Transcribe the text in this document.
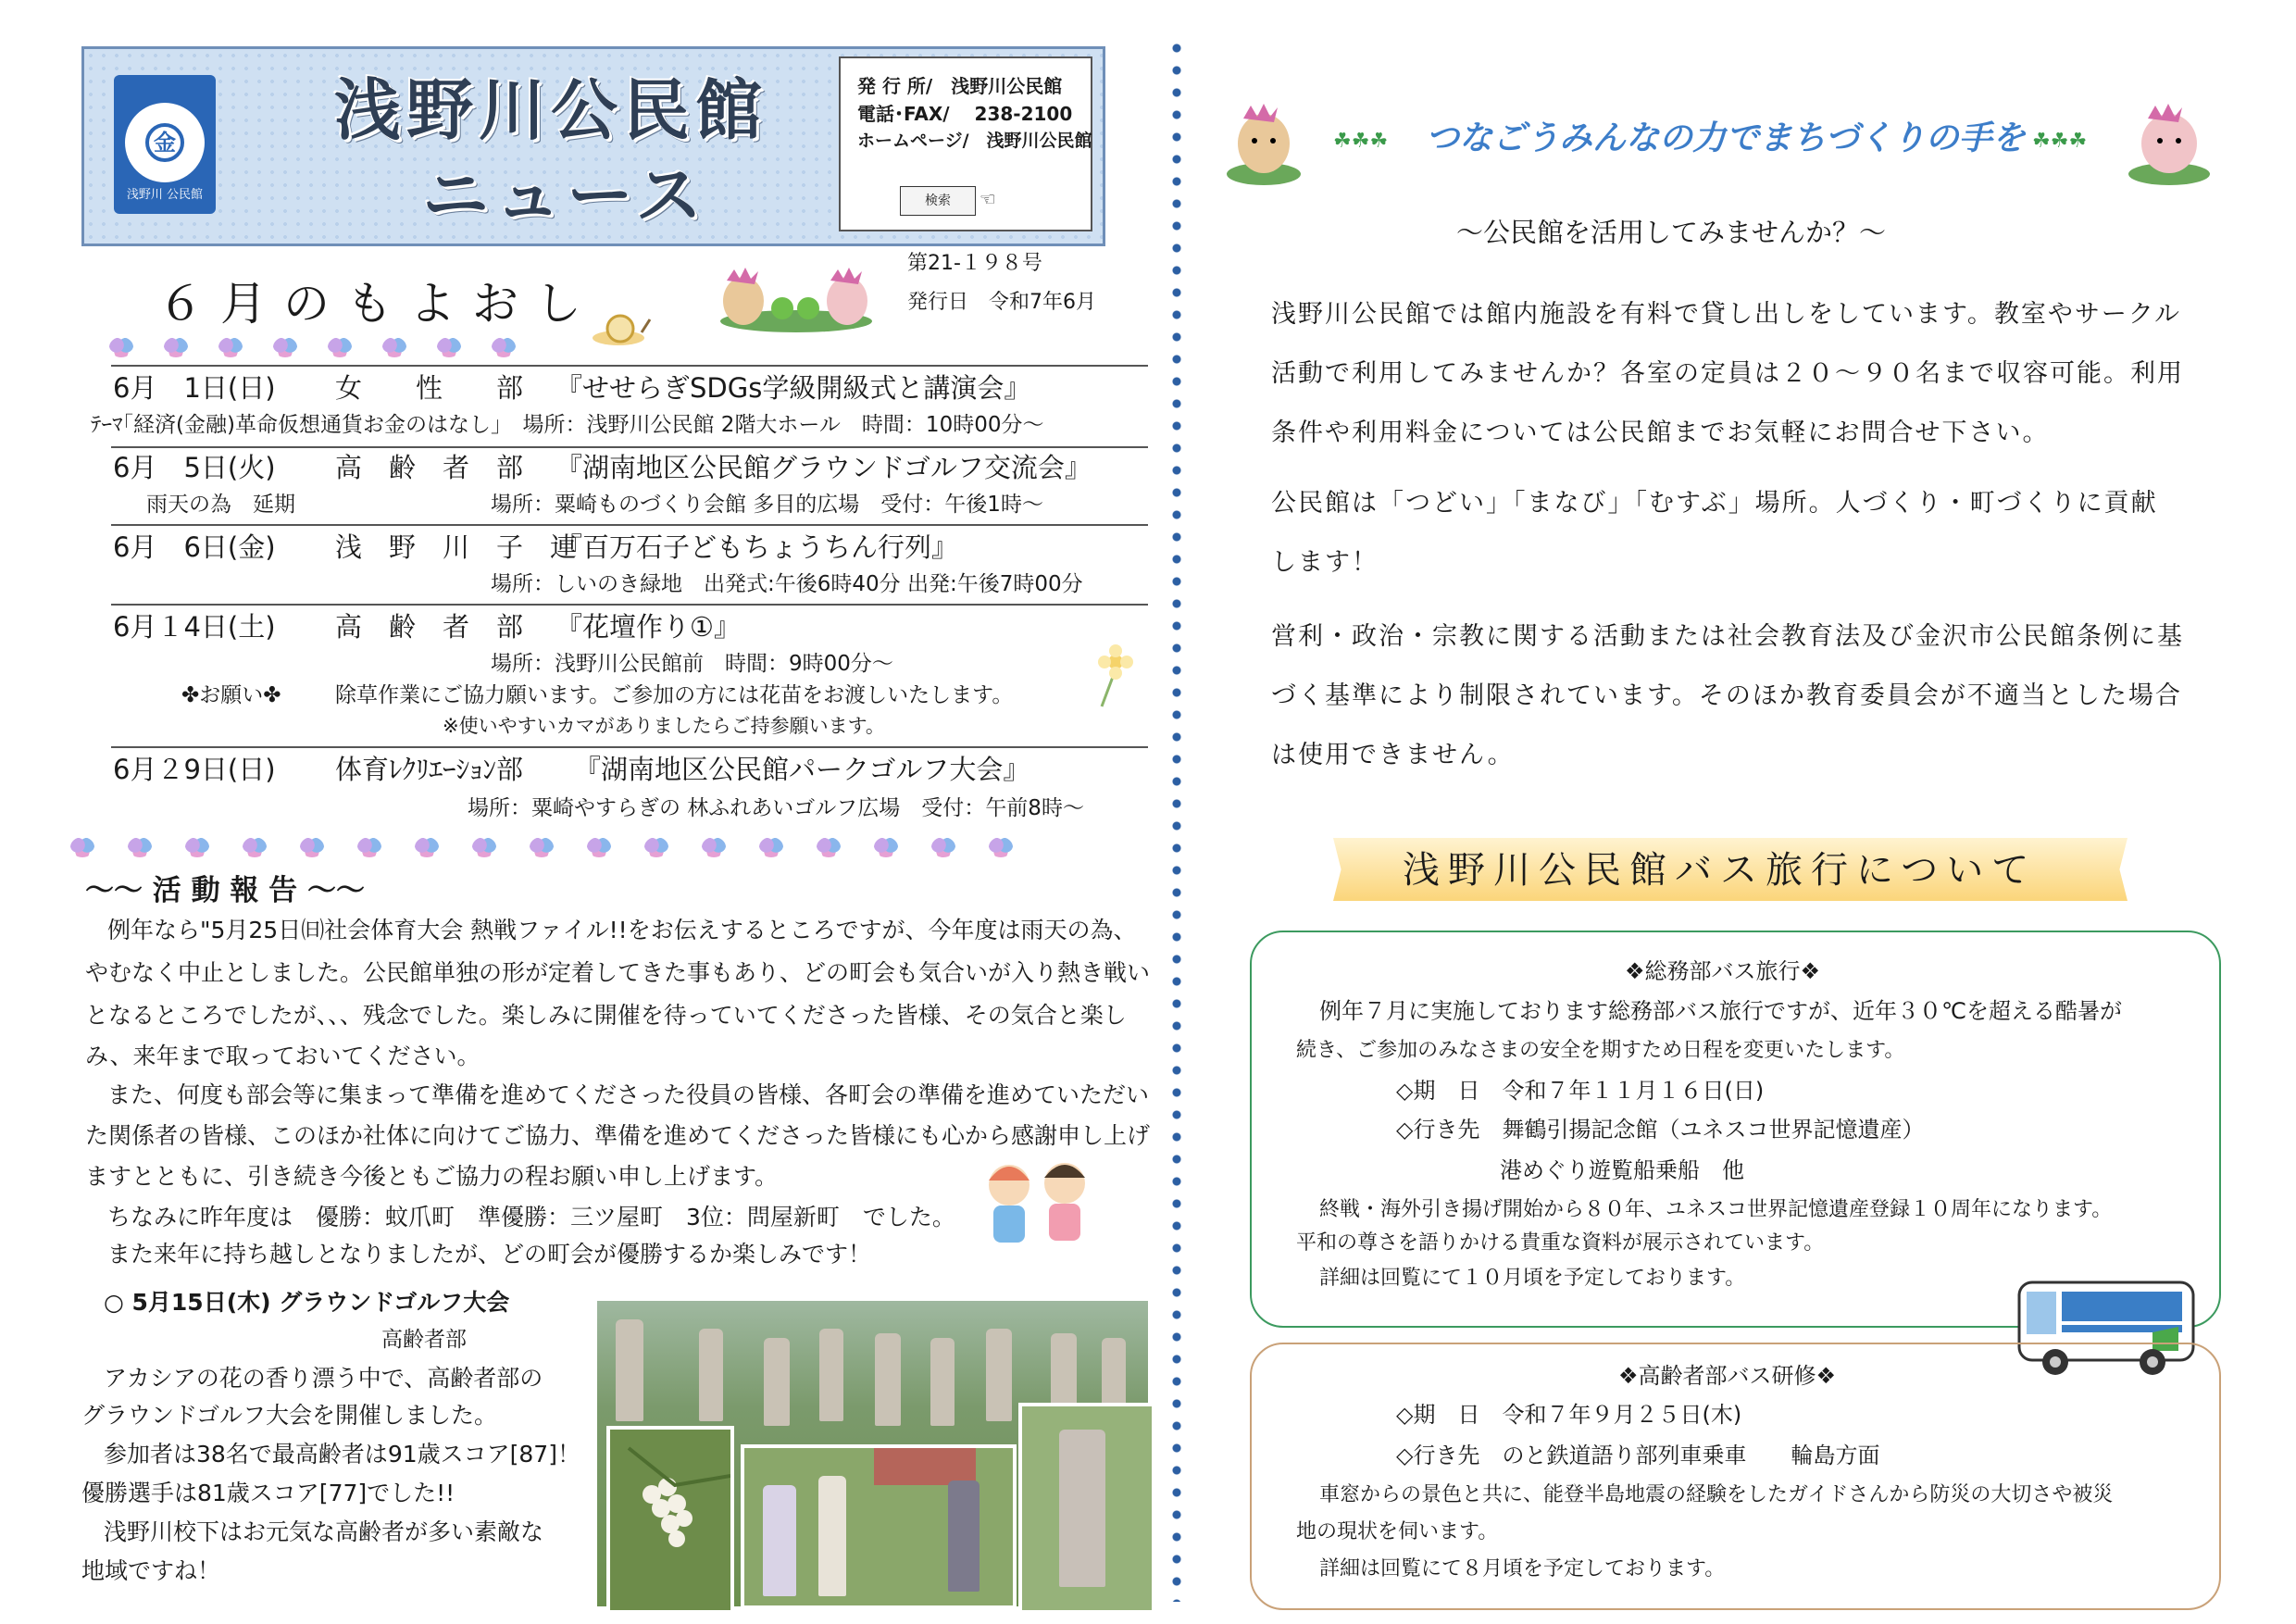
金
浅野川 公民館
浅野川公民館
ニュース
発 行 所/　浅野川公民館
電話･FAX/　 238-2100
ホームページ/　浅野川公民館
検索	☜
第21-１９８号
発行日　令和7年6月
６月のもよおし
6月　1日(日) 女　　性　　部 『せせらぎSDGs学級開級式と講演会』
ﾃｰﾏ｢経済(金融)革命仮想通貨お金のはなし｣　場所：浅野川公民館 2階大ホール　時間：10時00分～
6月　5日(火) 高　齢　者　部 『湖南地区公民館グラウンドゴルフ交流会』
雨天の為　延期	場所：粟崎ものづくり会館 多目的広場　受付：午後1時～
6月　6日(金) 浅　野　川　子　連
『百万石子どもちょうちん行列』
場所：しいのき緑地　出発式:午後6時40分 出発:午後7時00分
6月１4日(土) 高　齢　者　部 『花壇作り①』
場所：浅野川公民館前　時間：9時00分～
✤お願い✤	除草作業にご協力願います。ご参加の方には花苗をお渡しいたします。
※使いやすいカマがありましたらご持参願います。
6月２9日(日) 体育ﾚｸﾘｴｰｼｮﾝ部 『湖南地区公民館パークゴルフ大会』
場所：粟崎やすらぎの 林ふれあいゴルフ広場　受付：午前8時～
～～ 活 動 報 告 ～～
例年なら"5月25日㈰社会体育大会 熱戦ファイル!!をお伝えするところですが、今年度は雨天の為、
やむなく中止としました。公民館単独の形が定着してきた事もあり、どの町会も気合いが入り熱き戦い
となるところでしたが、、、残念でした。楽しみに開催を待っていてくださった皆様、その気合と楽し
み、来年まで取っておいてください。
また、何度も部会等に集まって準備を進めてくださった役員の皆様、各町会の準備を進めていただい
た関係者の皆様、このほか社体に向けてご協力、準備を進めてくださった皆様にも心から感謝申し上げ
ますとともに、引き続き今後ともご協力の程お願い申し上げます。
ちなみに昨年度は　優勝：蚊爪町　準優勝：三ツ屋町　3位：問屋新町　でした。
また来年に持ち越しとなりましたが、どの町会が優勝するか楽しみです！
○ 5月15日(木) グラウンドゴルフ大会
高齢者部
アカシアの花の香り漂う中で、高齢者部の
グラウンドゴルフ大会を開催しました。
参加者は38名で最高齢者は91歳スコア[87]！
優勝選手は81歳スコア[77]でした!!
浅野川校下はお元気な高齢者が多い素敵な
地域ですね！
☘☘☘ つなごうみんなの力でまちづくりの手を ☘☘☘
～公民館を活用してみませんか？～
浅野川公民館では館内施設を有料で貸し出しをしています。教室やサークル
活動で利用してみませんか？各室の定員は２０～９０名まで収容可能。利用
条件や利用料金については公民館までお気軽にお問合せ下さい。
公民館は「つどい」「まなび」「むすぶ」場所。人づくり・町づくりに貢献
します！
営利・政治・宗教に関する活動または社会教育法及び金沢市公民館条例に基
づく基準により制限されています。そのほか教育委員会が不適当とした場合
は使用できません。
浅野川公民館バス旅行について
❖総務部バス旅行❖
例年７月に実施しております総務部バス旅行ですが、近年３０℃を超える酷暑が
続き、ご参加のみなさまの安全を期すため日程を変更いたします。
◇期　日　令和７年１１月１６日(日)
◇行き先　舞鶴引揚記念館（ユネスコ世界記憶遺産）
港めぐり遊覧船乗船　他
終戦・海外引き揚げ開始から８０年、ユネスコ世界記憶遺産登録１０周年になります。
平和の尊さを語りかける貴重な資料が展示されています。
詳細は回覧にて１０月頃を予定しております。
❖高齢者部バス研修❖
◇期　日　令和７年９月２５日(木)
◇行き先　のと鉄道語り部列車乗車　　輪島方面
車窓からの景色と共に、能登半島地震の経験をしたガイドさんから防災の大切さや被災
地の現状を伺います。
詳細は回覧にて８月頃を予定しております。
